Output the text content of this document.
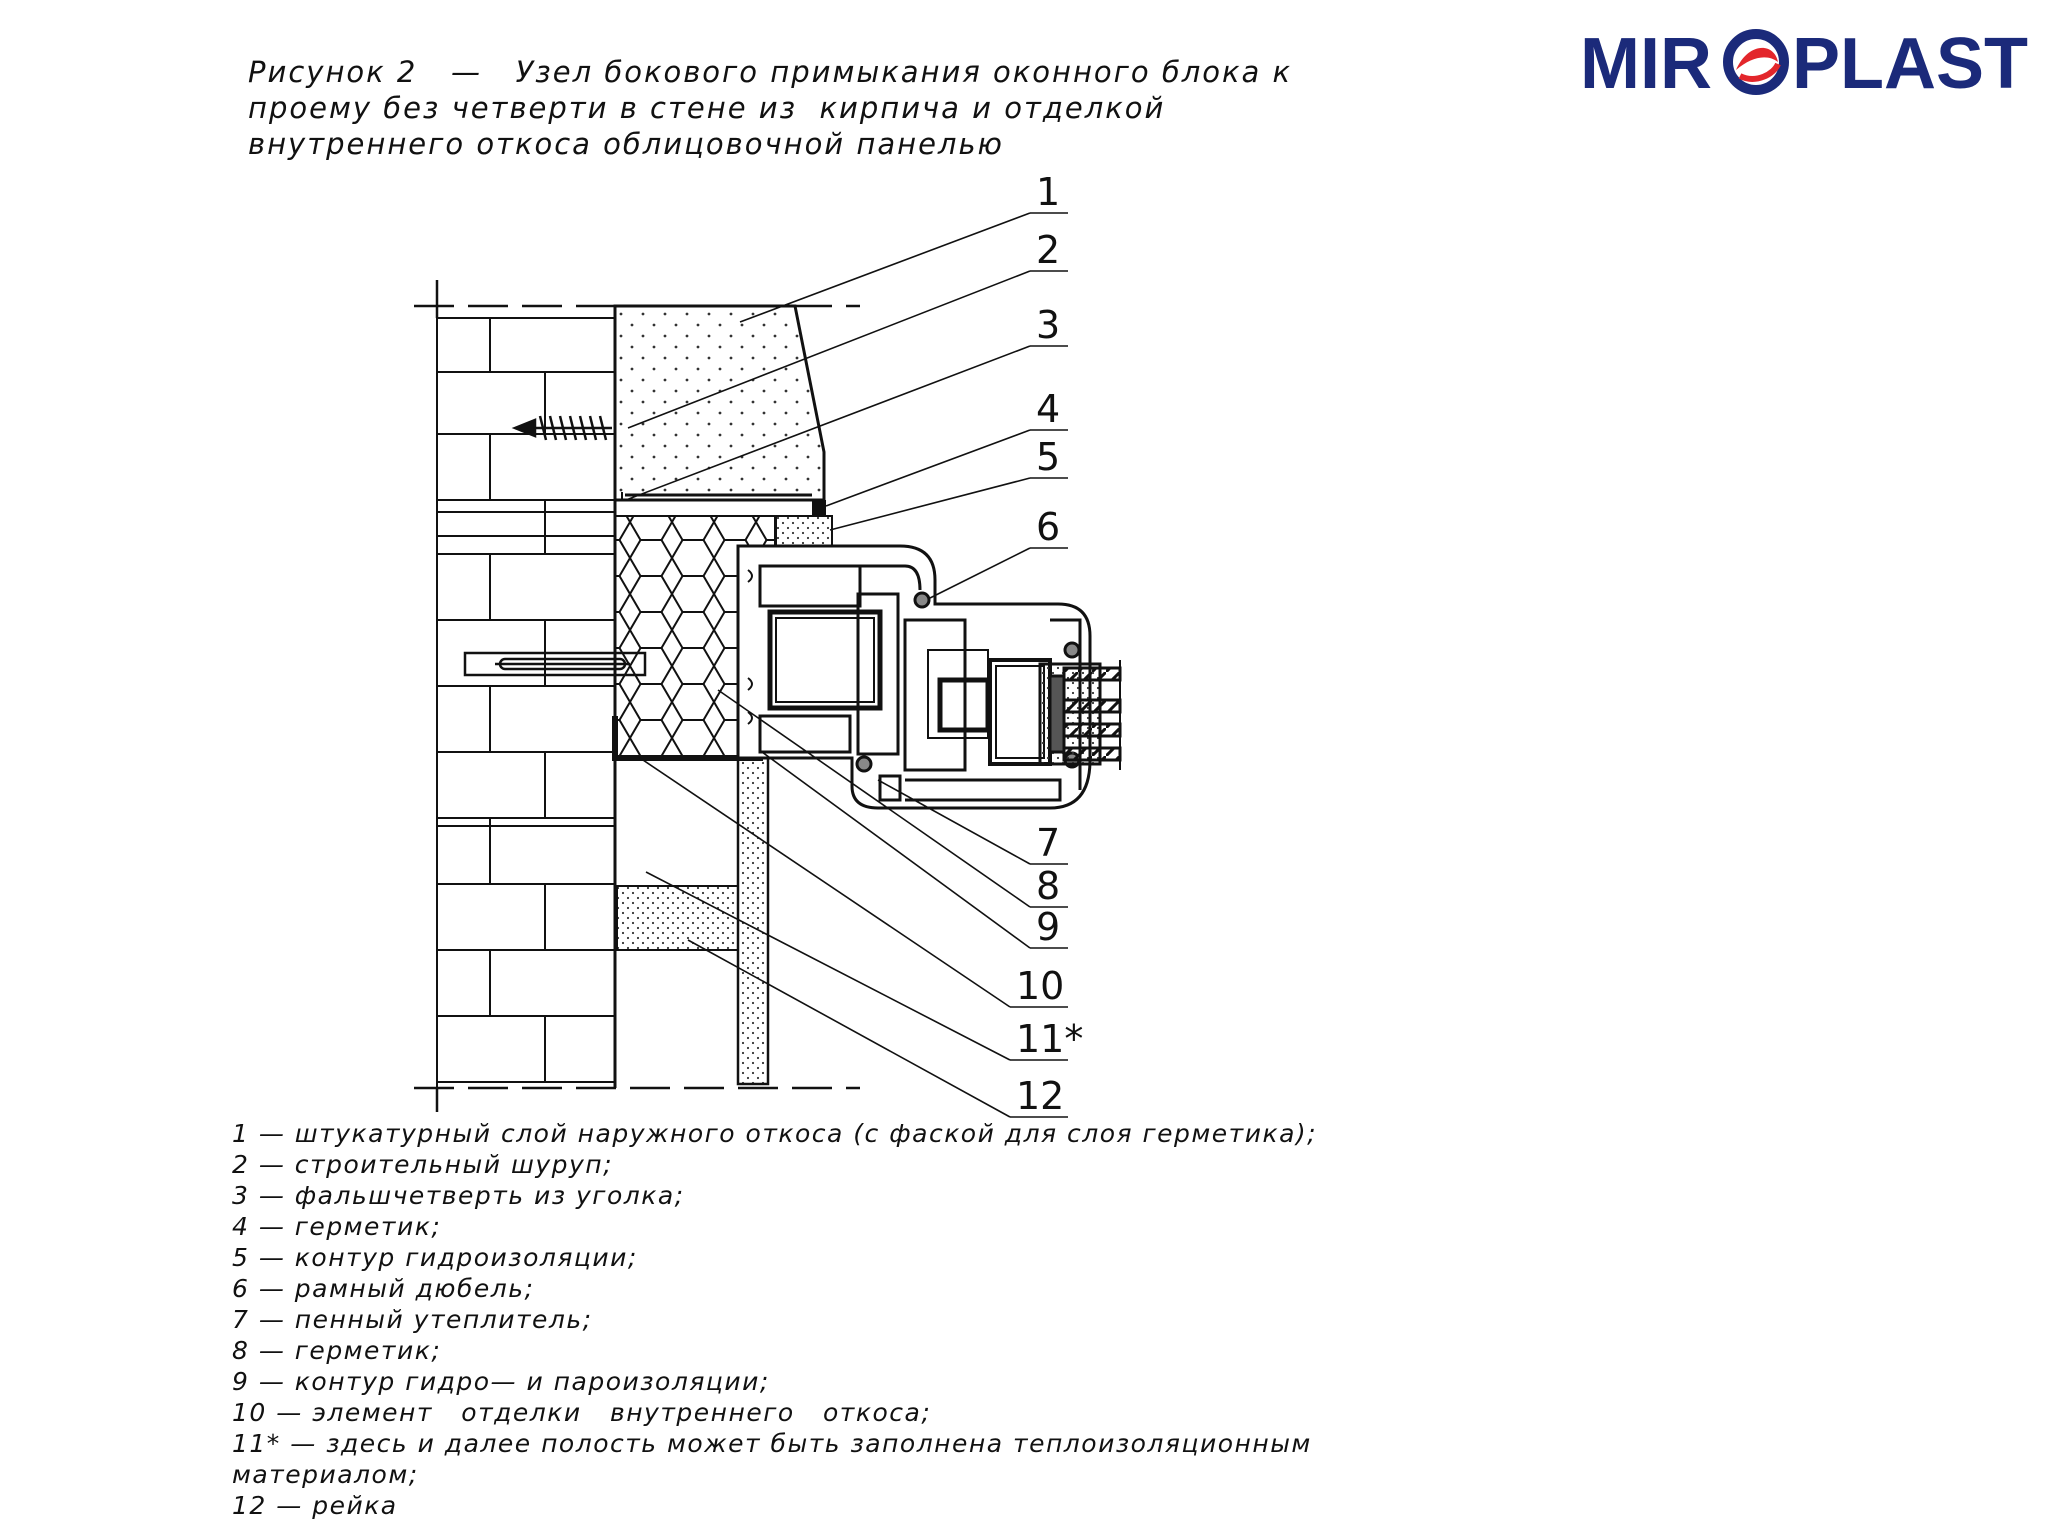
Рисунок 2   —   Узел бокового примыкания оконного блока к
проему без четверти в стене из  кирпича и отделкой
внутреннего откоса облицовочной панелью
MIR PLAST
1
2
3
4
5
6
7
8
9
10
11*
12
1 — штукатурный слой наружного откоса (с фаской для слоя герметика);
2 — строительный шуруп;
3 — фальшчетверть из уголка;
4 — герметик;
5 — контур гидроизоляции;
6 — рамный дюбель;
7 — пенный утеплитель;
8 — герметик;
9 — контур гидро— и пароизоляции;
10 — элемент   отделки   внутреннего   откоса;
11* — здесь и далее полость может быть заполнена теплоизоляционным
материалом;
12 — рейка
